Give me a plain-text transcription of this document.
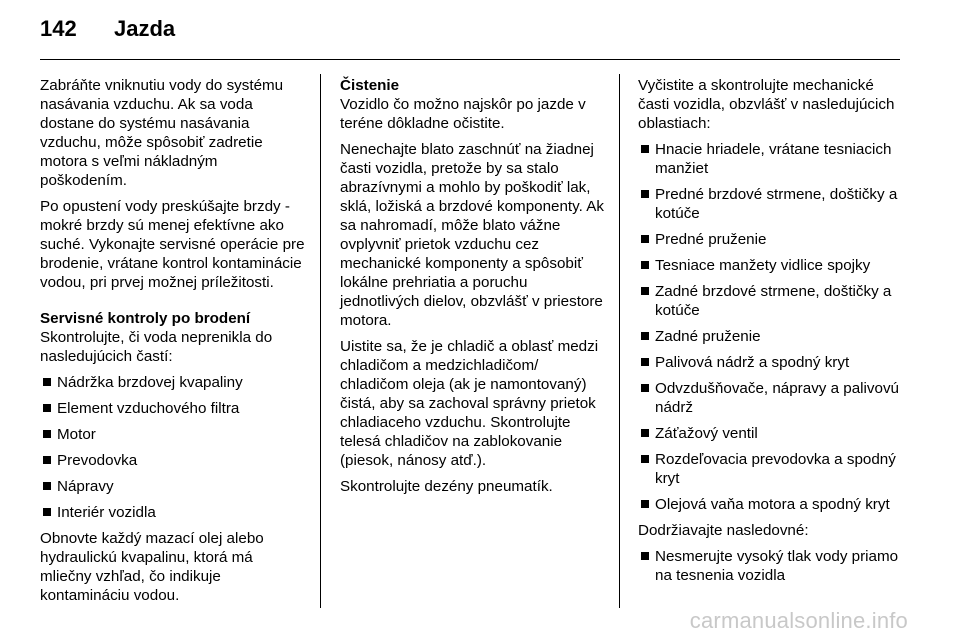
142	Jazda

Zabráňte vniknutiu vody do systému nasávania vzduchu. Ak sa voda dostane do systému nasávania vzduchu, môže spôsobiť zadretie motora s veľmi nákladným poškodením.

Po opustení vody preskúšajte brzdy - mokré brzdy sú menej efektívne ako suché. Vykonajte servisné operácie pre brodenie, vrátane kontrol kontaminácie vodou, pri prvej možnej príležitosti.

Servisné kontroly po brodení

Skontrolujte, či voda neprenikla do nasledujúcich častí:

Nádržka brzdovej kvapaliny
Element vzduchového filtra
Motor
Prevodovka
Nápravy
Interiér vozidla

Obnovte každý mazací olej alebo hydraulickú kvapalinu, ktorá má mliečny vzhľad, čo indikuje kontamináciu vodou.

Čistenie

Vozidlo čo možno najskôr po jazde v teréne dôkladne očistite.

Nenechajte blato zaschnúť na žiadnej časti vozidla, pretože by sa stalo abrazívnymi a mohlo by poškodiť lak, sklá, ložiská a brzdové komponenty. Ak sa nahromadí, môže blato vážne ovplyvniť prietok vzduchu cez mechanické komponenty a spôsobiť lokálne prehriatia a poruchu jednotlivých dielov, obzvlášť v priestore motora.

Uistite sa, že je chladič a oblasť medzi chladičom a medzichladičom/ chladičom oleja (ak je namontovaný) čistá, aby sa zachoval správny prietok chladiaceho vzduchu. Skontrolujte telesá chladičov na zablokovanie (piesok, nánosy atď.).

Skontrolujte dezény pneumatík.

Vyčistite a skontrolujte mechanické časti vozidla, obzvlášť v nasledujúcich oblastiach:

Hnacie hriadele, vrátane tesniacich manžiet
Predné brzdové strmene, doštičky a kotúče
Predné pruženie
Tesniace manžety vidlice spojky
Zadné brzdové strmene, doštičky a kotúče
Zadné pruženie
Palivová nádrž a spodný kryt
Odvzdušňovače, nápravy a palivovú nádrž
Záťažový ventil
Rozdeľovacia prevodovka a spodný kryt
Olejová vaňa motora a spodný kryt

Dodržiavajte nasledovné:

Nesmerujte vysoký tlak vody priamo na tesnenia vozidla
carmanualsonline.info
